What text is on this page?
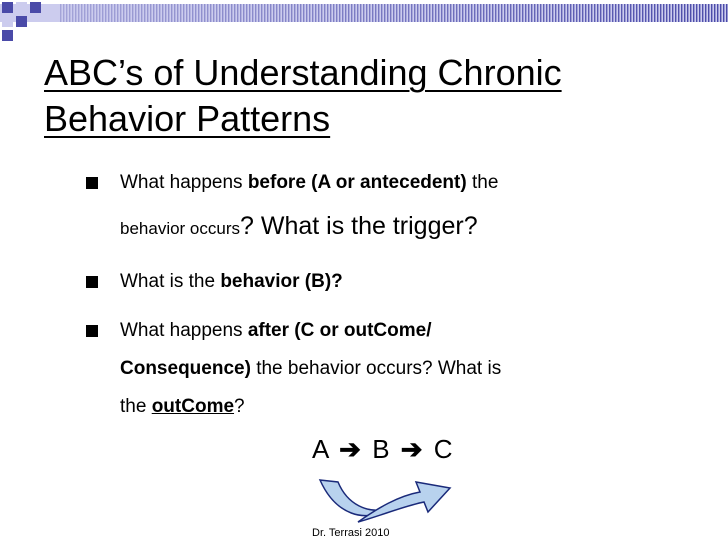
ABC’s of Understanding Chronic
Behavior Patterns
What happens before (A or antecedent) the
behavior occurs? What is the trigger?
What is the behavior (B)?
What happens after (C or outCome/
Consequence) the behavior occurs? What is
the outCome?
A ➔ B ➔ C
Dr. Terrasi 2010
